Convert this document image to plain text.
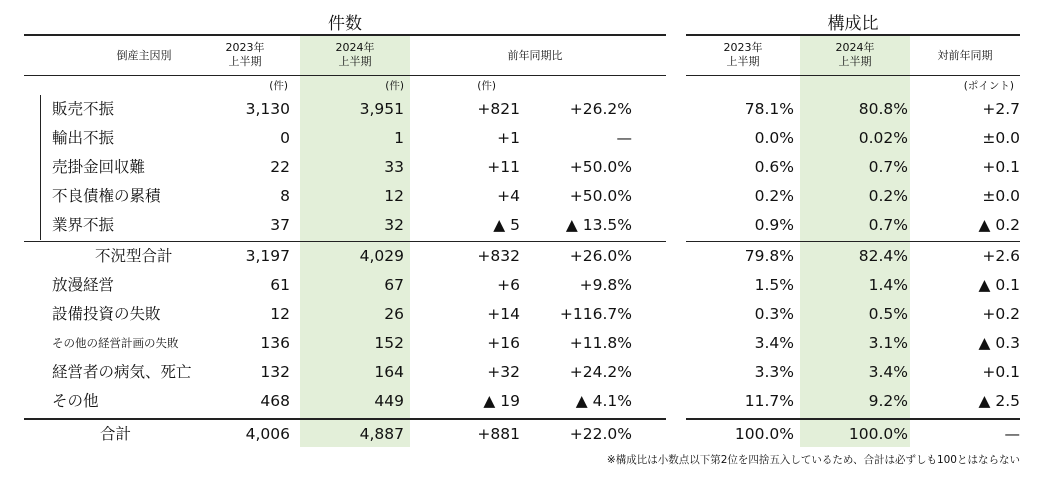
件数	構成比
倒産主因別
2023年
上半期
2024年
上半期	前年同期比
2023年
上半期
2024年
上半期	対前年同期
(件)	(件)	(件)	(ポイント)
販売不振	3,130	3,951	+821	+26.2%	78.1%	80.8%	+2.7
輸出不振	0	1	+1	—	0.0%	0.02%	±0.0
売掛金回収難	22	33	+11	+50.0%	0.6%	0.7%	+0.1
不良債権の累積	8	12	+4	+50.0%	0.2%	0.2%	±0.0
業界不振	37	32	▲ 5	▲ 13.5%	0.9%	0.7%	▲ 0.2
不況型合計	3,197	4,029	+832	+26.0%	79.8%	82.4%	+2.6
放漫経営	61	67	+6	+9.8%	1.5%	1.4%	▲ 0.1
設備投資の失敗	12	26	+14	+116.7%	0.3%	0.5%	+0.2
その他の経営計画の失敗	136	152	+16	+11.8%	3.4%	3.1%	▲ 0.3
経営者の病気、死亡	132	164	+32	+24.2%	3.3%	3.4%	+0.1
その他	468	449	▲ 19	▲ 4.1%	11.7%	9.2%	▲ 2.5
合計	4,006	4,887	+881	+22.0%	100.0%	100.0%	—
※構成比は小数点以下第2位を四捨五入しているため、合計は必ずしも100とはならない
